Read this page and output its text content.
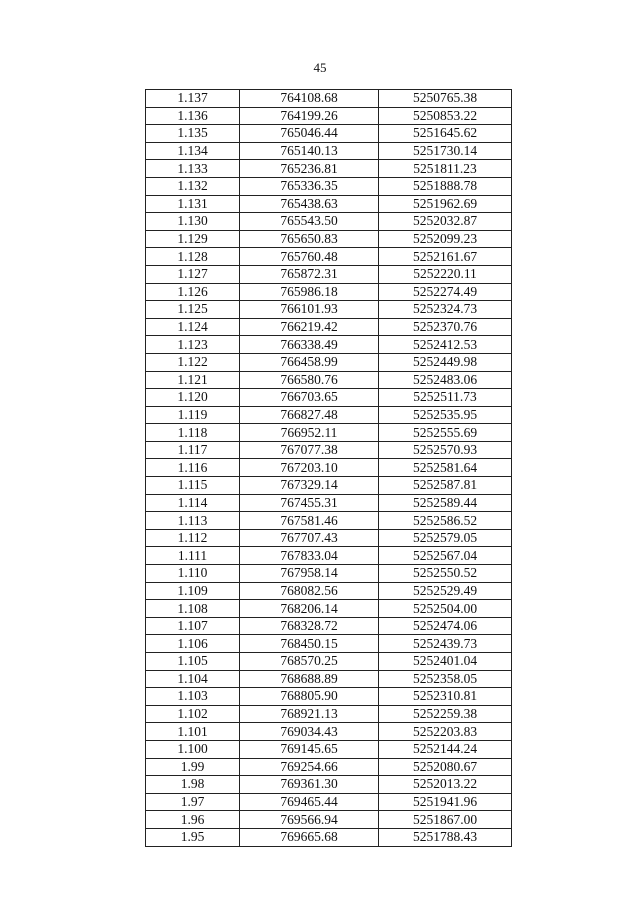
45
1.137	764108.68	5250765.38
1.136	764199.26	5250853.22
1.135	765046.44	5251645.62
1.134	765140.13	5251730.14
1.133	765236.81	5251811.23
1.132	765336.35	5251888.78
1.131	765438.63	5251962.69
1.130	765543.50	5252032.87
1.129	765650.83	5252099.23
1.128	765760.48	5252161.67
1.127	765872.31	5252220.11
1.126	765986.18	5252274.49
1.125	766101.93	5252324.73
1.124	766219.42	5252370.76
1.123	766338.49	5252412.53
1.122	766458.99	5252449.98
1.121	766580.76	5252483.06
1.120	766703.65	5252511.73
1.119	766827.48	5252535.95
1.118	766952.11	5252555.69
1.117	767077.38	5252570.93
1.116	767203.10	5252581.64
1.115	767329.14	5252587.81
1.114	767455.31	5252589.44
1.113	767581.46	5252586.52
1.112	767707.43	5252579.05
1.111	767833.04	5252567.04
1.110	767958.14	5252550.52
1.109	768082.56	5252529.49
1.108	768206.14	5252504.00
1.107	768328.72	5252474.06
1.106	768450.15	5252439.73
1.105	768570.25	5252401.04
1.104	768688.89	5252358.05
1.103	768805.90	5252310.81
1.102	768921.13	5252259.38
1.101	769034.43	5252203.83
1.100	769145.65	5252144.24
1.99	769254.66	5252080.67
1.98	769361.30	5252013.22
1.97	769465.44	5251941.96
1.96	769566.94	5251867.00
1.95	769665.68	5251788.43
